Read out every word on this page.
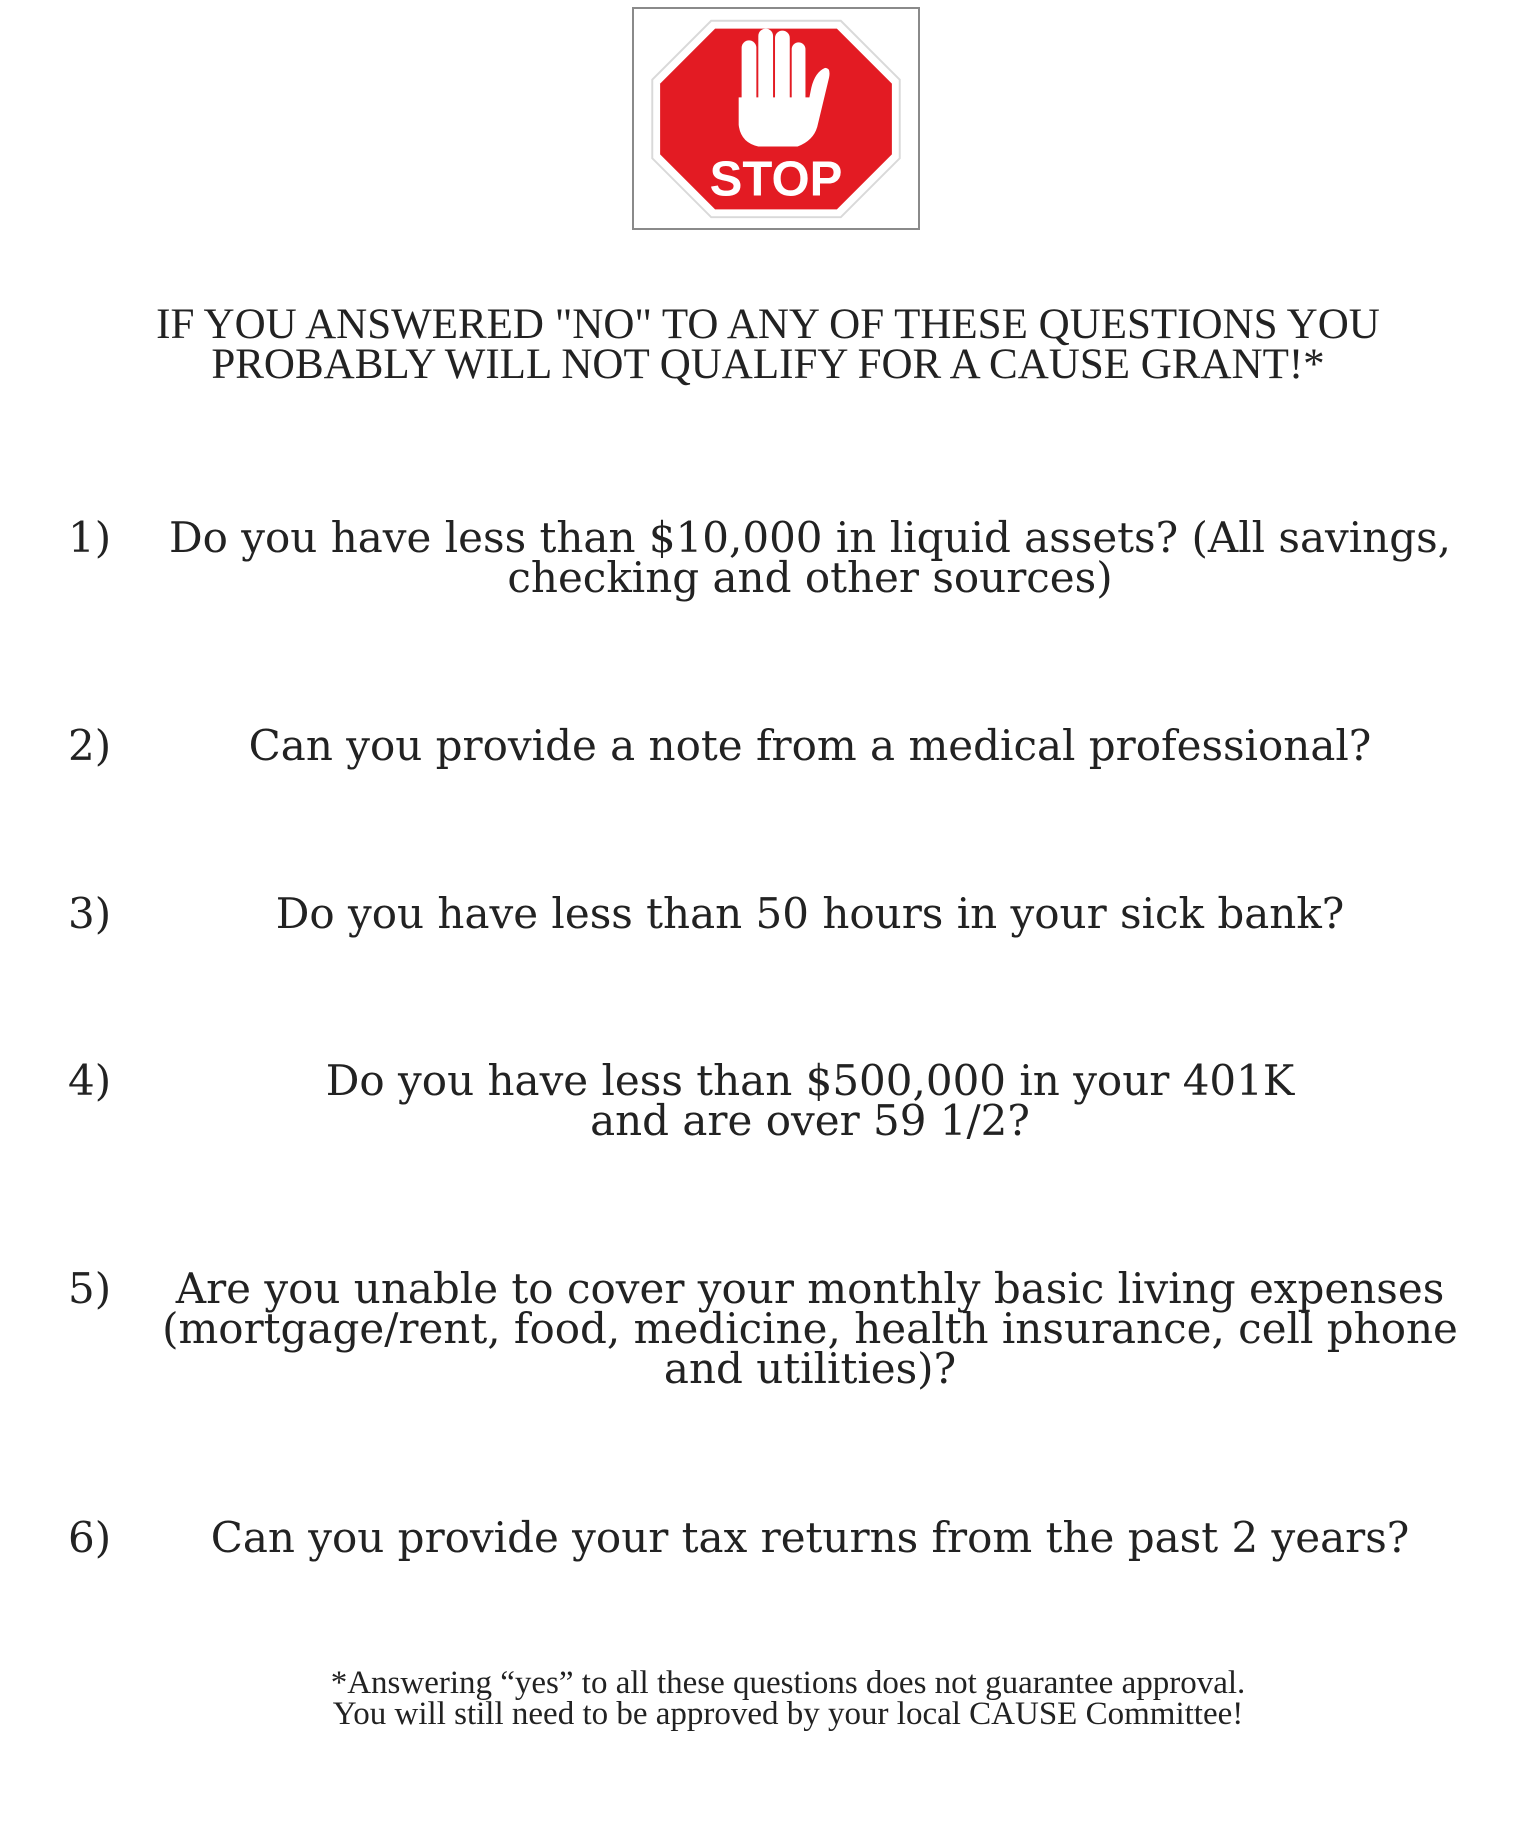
STOP
IF YOU ANSWERED "NO" TO ANY OF THESE QUESTIONS YOU
PROBABLY WILL NOT QUALIFY FOR A CAUSE GRANT!*
1)	Do you have less than $10,000 in liquid assets? (All savings,
checking and other sources)
2)	Can you provide a note from a medical professional?
3)	Do you have less than 50 hours in your sick bank?
4)	Do you have less than $500,000 in your 401K
and are over 59 1/2?
5)	Are you unable to cover your monthly basic living expenses
(mortgage/rent, food, medicine, health insurance, cell phone
and utilities)?
6)	Can you provide your tax returns from the past 2 years?
*Answering “yes” to all these questions does not guarantee approval.
You will still need to be approved by your local CAUSE Committee!
